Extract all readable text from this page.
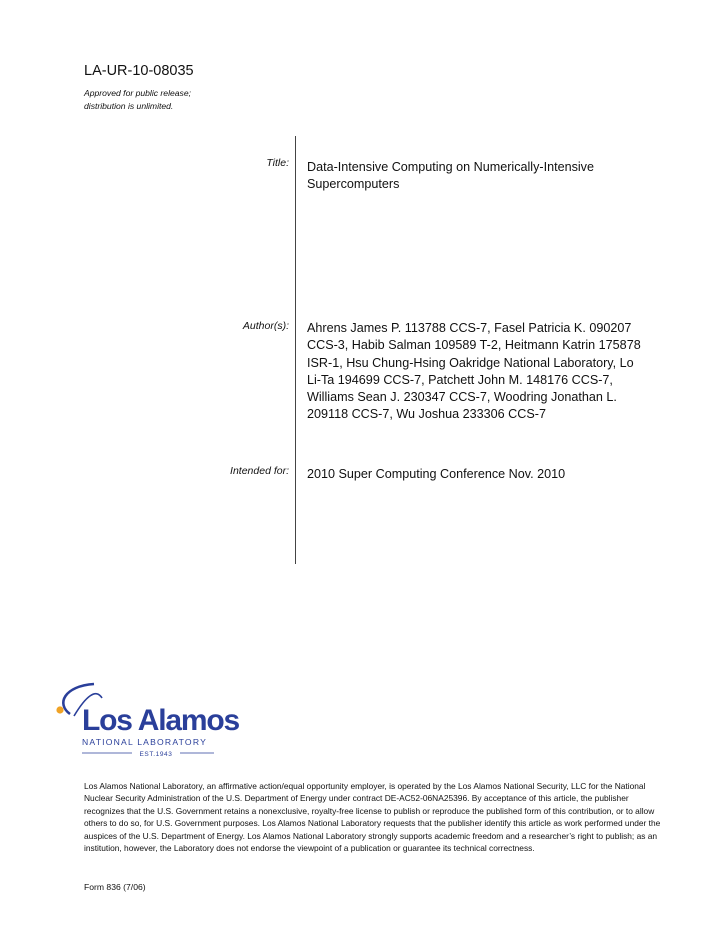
LA-UR-10-08035
Approved for public release;
distribution is unlimited.
Title: Data-Intensive Computing on Numerically-Intensive Supercomputers
Author(s): Ahrens James P. 113788 CCS-7, Fasel Patricia K. 090207
CCS-3, Habib Salman 109589 T-2, Heitmann Katrin 175878
ISR-1, Hsu Chung-Hsing Oakridge National Laboratory, Lo
Li-Ta 194699 CCS-7, Patchett John M. 148176 CCS-7,
Williams Sean J. 230347 CCS-7, Woodring Jonathan L.
209118 CCS-7, Wu Joshua 233306 CCS-7
Intended for: 2010 Super Computing Conference Nov. 2010
Los Alamos
NATIONAL LABORATORY
EST.1943
Los Alamos National Laboratory, an affirmative action/equal opportunity employer, is operated by the Los Alamos National Security, LLC for the National Nuclear Security Administration of the U.S. Department of Energy under contract DE-AC52-06NA25396. By acceptance of this article, the publisher recognizes that the U.S. Government retains a nonexclusive, royalty-free license to publish or reproduce the published form of this contribution, or to allow others to do so, for U.S. Government purposes. Los Alamos National Laboratory requests that the publisher identify this article as work performed under the auspices of the U.S. Department of Energy. Los Alamos National Laboratory strongly supports academic freedom and a researcher’s right to publish; as an institution, however, the Laboratory does not endorse the viewpoint of a publication or guarantee its technical correctness.
Form 836 (7/06)
